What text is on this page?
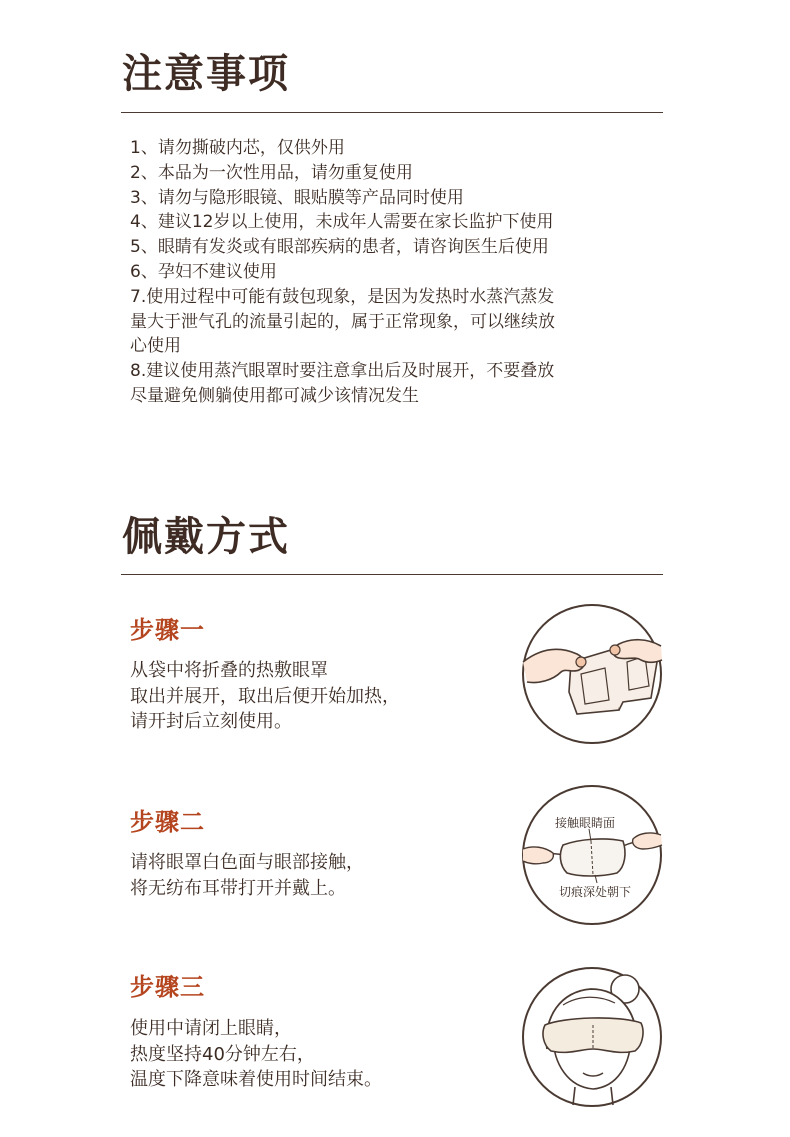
注意事项
1、请勿撕破内芯，仅供外用
2、本品为一次性用品，请勿重复使用
3、请勿与隐形眼镜、眼贴膜等产品同时使用
4、建议12岁以上使用，未成年人需要在家长监护下使用
5、眼睛有发炎或有眼部疾病的患者，请咨询医生后使用
6、孕妇不建议使用
7.使用过程中可能有鼓包现象，是因为发热时水蒸汽蒸发量大于泄气孔的流量引起的，属于正常现象，可以继续放心使用
8.建议使用蒸汽眼罩时要注意拿出后及时展开，不要叠放尽量避免侧躺使用都可减少该情况发生
佩戴方式
步骤一
从袋中将折叠的热敷眼罩
取出并展开，取出后便开始加热，
请开封后立刻使用。
步骤二
请将眼罩白色面与眼部接触，
将无纺布耳带打开并戴上。
接触眼睛面
切痕深处朝下
步骤三
使用中请闭上眼睛，
热度坚持40分钟左右，
温度下降意味着使用时间结束。
